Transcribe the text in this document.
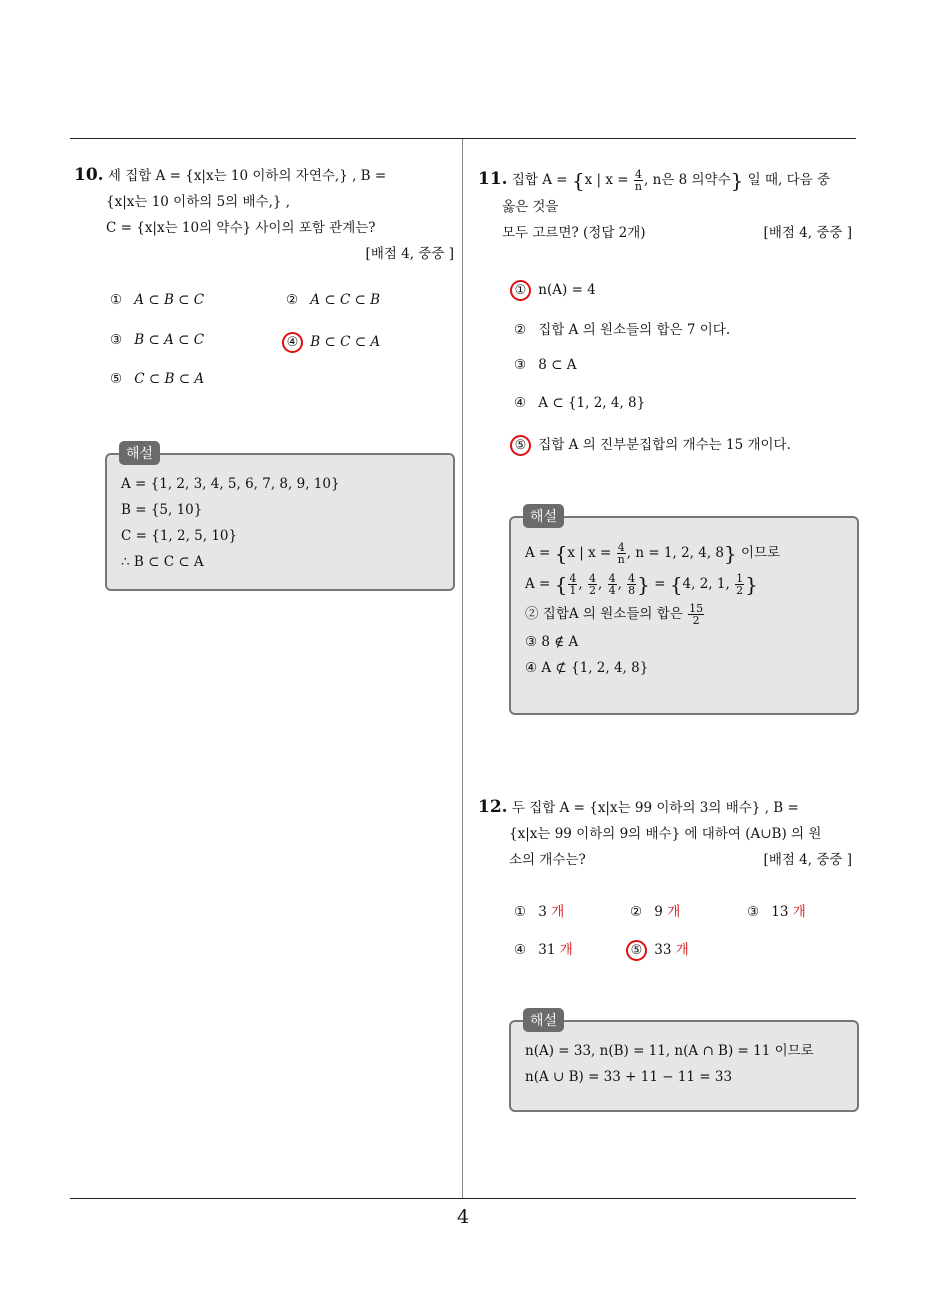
4
10. 세 집합 A = {x|x는 10 이하의 자연수,} , B =
{x|x는 10 이하의 5의 배수,} ,
C = {x|x는 10의 약수} 사이의 포함 관계는?
[배점 4, 중중 ]
① A ⊂ B ⊂ C	② A ⊂ C ⊂ B
③ B ⊂ A ⊂ C	④ B ⊂ C ⊂ A
⑤ C ⊂ B ⊂ A
해설
A = {1, 2, 3, 4, 5, 6, 7, 8, 9, 10}
B = {5, 10}
C = {1, 2, 5, 10}
∴ B ⊂ C ⊂ A
11. 집합 A = {x | $x = \frac{4}{n}$ , n은 8 의약수} 일 때, 다음 중
옳은 것을
모두 고르면? (정답 2개)	[배점 4, 중중 ]
① n(A) = 4
② 집합 A 의 원소들의 합은 7 이다.
③ 8 ⊂ A
④ A ⊂ {1, 2, 4, 8}
⑤ 집합 A 의 진부분집합의 개수는 15 개이다.
해설
A = {x | $x = \frac{4}{n}$ , n = 1, 2, 4, 8} 이므로
A = { $\frac{4}{1}$ , $\frac{4}{2}$ , $\frac{4}{4}$ , $\frac{4}{8}$ } = {4, 2, 1, $\frac{1}{2}$ }
② 집합A 의 원소들의 합은 $\frac{15}{2}$
③ 8 ∉ A
④ A ⊄ {1, 2, 4, 8}
12. 두 집합 A = {x|x는 99 이하의 3의 배수} , B =
{x|x는 99 이하의 9의 배수} 에 대하여 (A∪B) 의 원
소의 개수는?	[배점 4, 중중 ]
① 3 개	② 9 개	③ 13 개
④ 31 개	⑤ 33 개
해설
n(A) = 33, n(B) = 11, n(A ∩ B) = 11 이므로
n(A ∪ B) = 33 + 11 − 11 = 33
